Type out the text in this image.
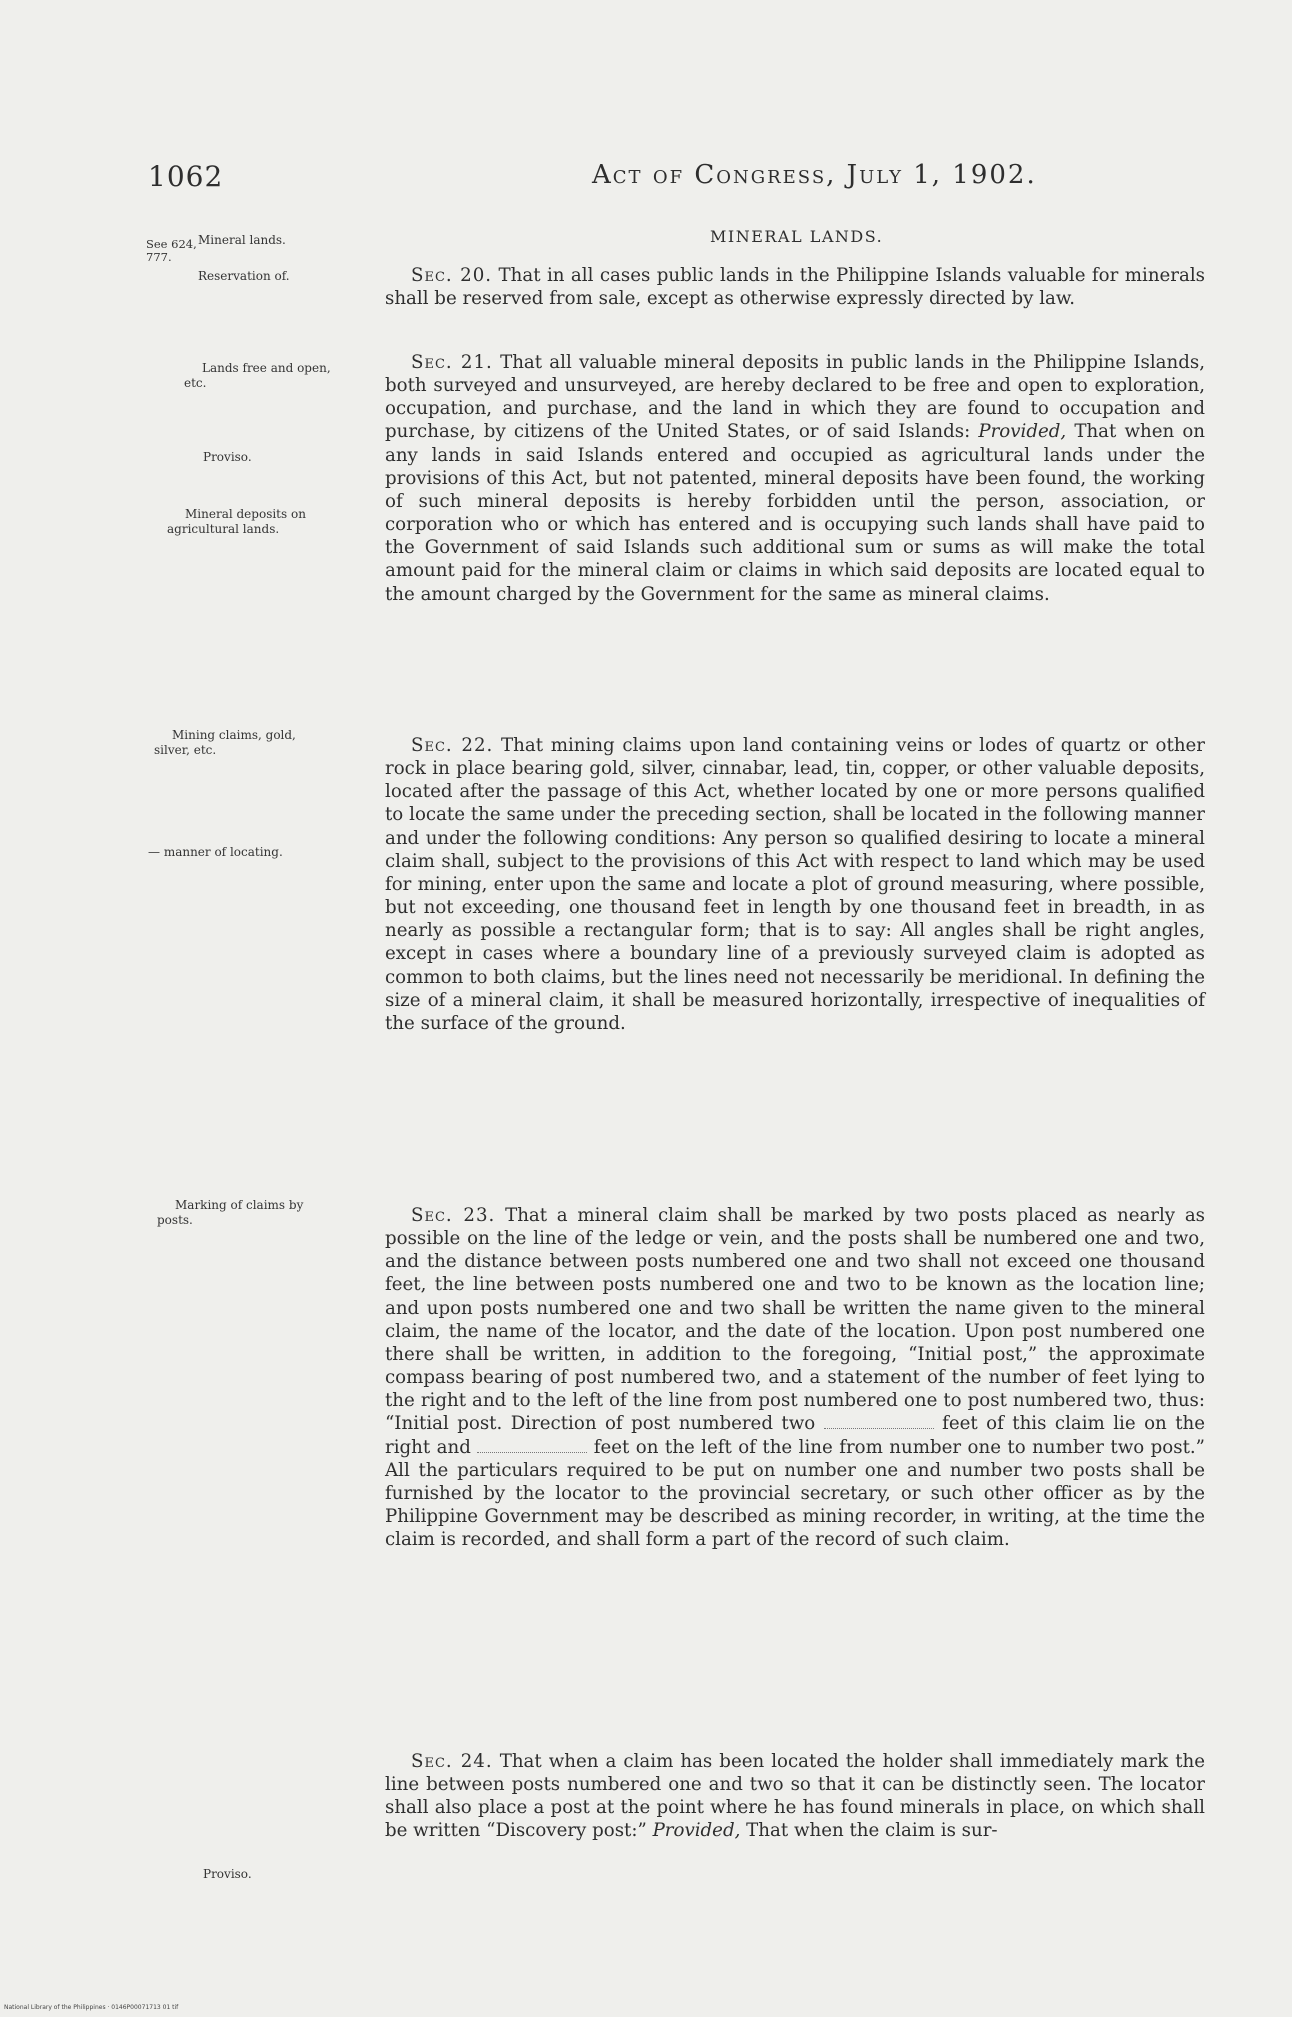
1062	Act of Congress, July 1, 1902.
See 624,
777.
Mineral lands.
Reservation of.
Lands free and open,
etc.
Proviso.
Mineral deposits on
agricultural lands.
Mining claims, gold,
silver, etc.
— manner of locating.
Marking of claims by
posts.
Proviso.
MINERAL LANDS.

Sec. 20. That in all cases public lands in the Philippine Islands valuable for minerals shall be reserved from sale, except as otherwise expressly directed by law.

Sec. 21. That all valuable mineral deposits in public lands in the Philippine Islands, both surveyed and unsurveyed, are hereby declared to be free and open to exploration, occupation, and purchase, and the land in which they are found to occupation and purchase, by citizens of the United States, or of said Islands: Provided, That when on any lands in said Islands entered and occupied as agricultural lands under the provisions of this Act, but not patented, mineral deposits have been found, the working of such mineral deposits is hereby forbidden until the person, association, or corporation who or which has entered and is occupying such lands shall have paid to the Government of said Islands such additional sum or sums as will make the total amount paid for the mineral claim or claims in which said deposits are located equal to the amount charged by the Government for the same as mineral claims.

Sec. 22. That mining claims upon land containing veins or lodes of quartz or other rock in place bearing gold, silver, cinnabar, lead, tin, copper, or other valuable deposits, located after the passage of this Act, whether located by one or more persons qualified to locate the same under the preceding section, shall be located in the following manner and under the following conditions: Any person so qualified desiring to locate a mineral claim shall, subject to the provisions of this Act with respect to land which may be used for mining, enter upon the same and locate a plot of ground measuring, where possible, but not exceeding, one thousand feet in length by one thousand feet in breadth, in as nearly as possible a rectangular form; that is to say: All angles shall be right angles, except in cases where a boundary line of a previously surveyed claim is adopted as common to both claims, but the lines need not necessarily be meridional. In defining the size of a mineral claim, it shall be measured horizontally, irrespective of inequalities of the surface of the ground.

Sec. 23. That a mineral claim shall be marked by two posts placed as nearly as possible on the line of the ledge or vein, and the posts shall be numbered one and two, and the distance between posts numbered one and two shall not exceed one thousand feet, the line between posts numbered one and two to be known as the location line; and upon posts numbered one and two shall be written the name given to the mineral claim, the name of the locator, and the date of the location. Upon post numbered one there shall be written, in addition to the foregoing, “Initial post,” the approximate compass bearing of post numbered two, and a statement of the number of feet lying to the right and to the left of the line from post numbered one to post numbered two, thus: “Initial post. Direction of post numbered two	feet of this claim lie on the right and	feet on the left of the line from number one to number two post.” All the particulars required to be put on number one and number two posts shall be furnished by the locator to the provincial secretary, or such other officer as by the Philippine Government may be described as mining recorder, in writing, at the time the claim is recorded, and shall form a part of the record of such claim.

Sec. 24. That when a claim has been located the holder shall immediately mark the line between posts numbered one and two so that it can be distinctly seen. The locator shall also place a post at the point where he has found minerals in place, on which shall be written “Discovery post:” Provided, That when the claim is sur-

National Library of the Philippines · 0146P00071713 01 tif
